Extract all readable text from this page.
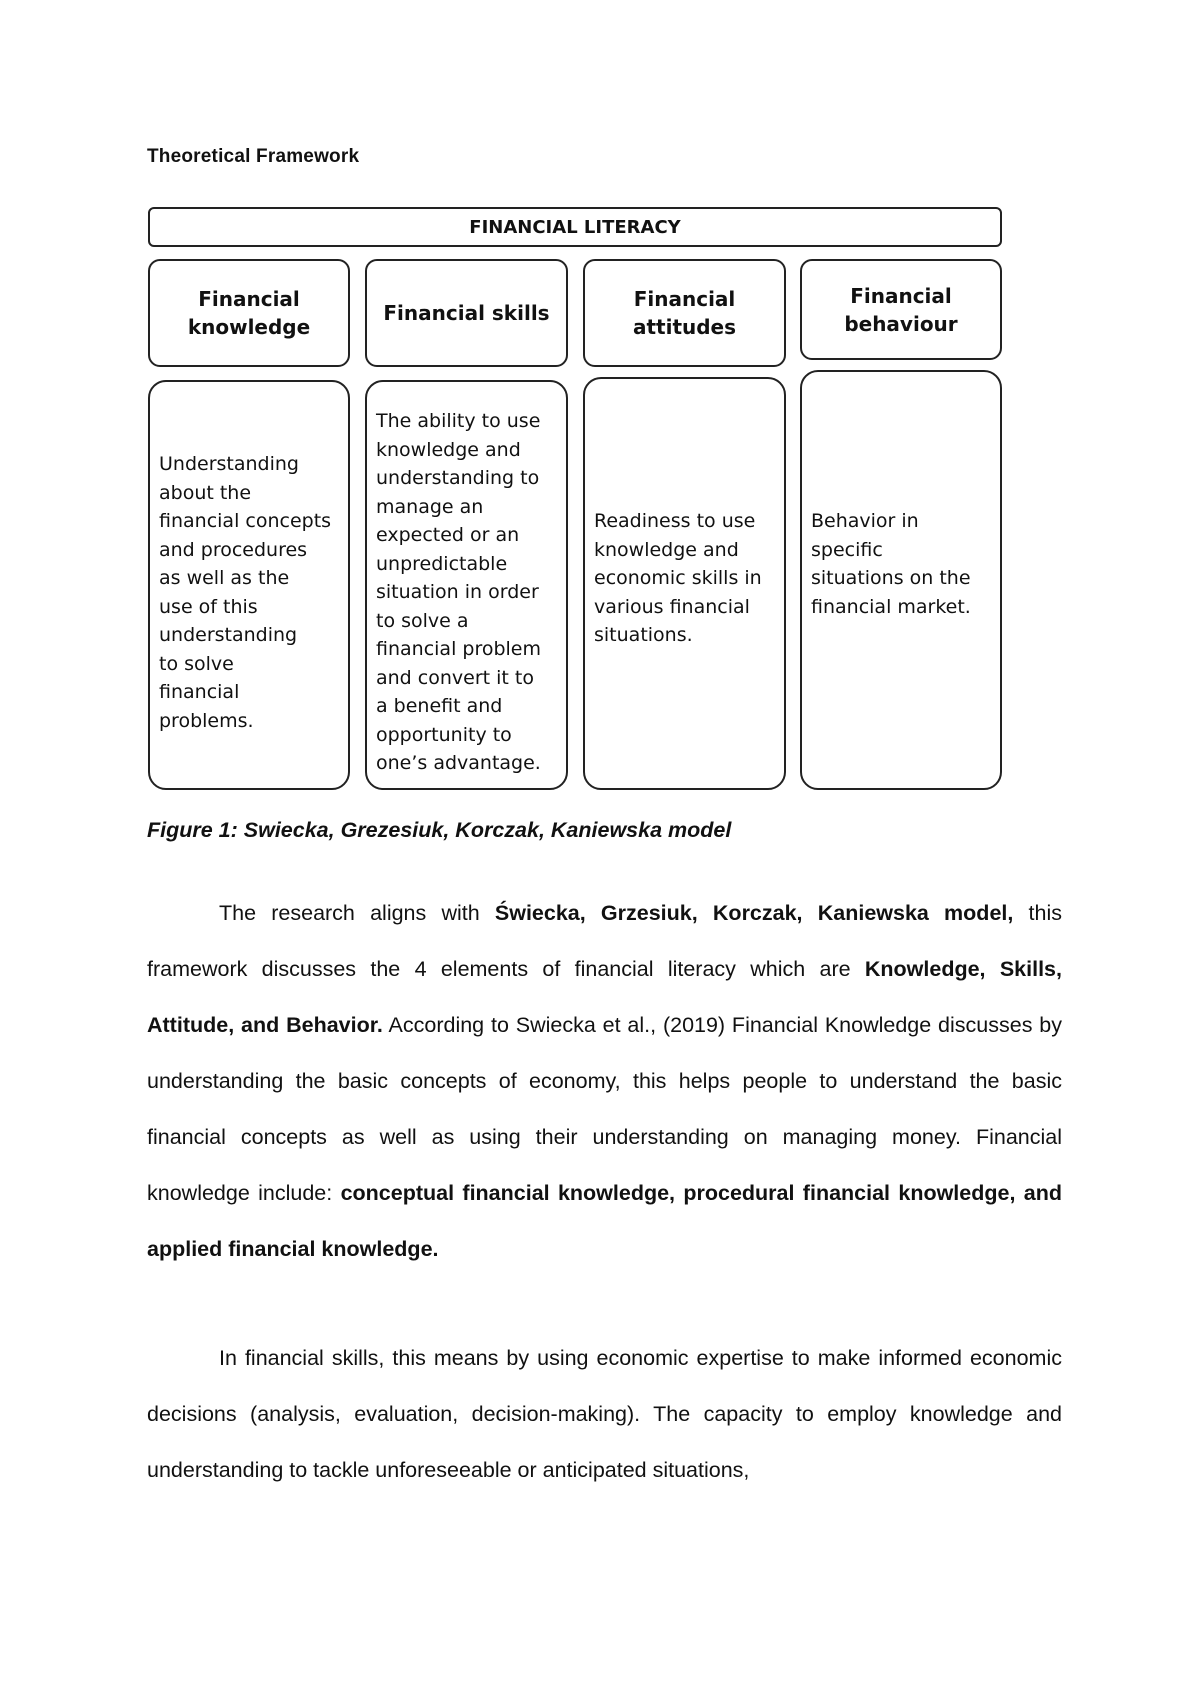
Theoretical Framework
FINANCIAL LITERACY
Financial
knowledge
Financial skills
Financial
attitudes
Financial
behaviour
Understanding
about the
financial concepts
and procedures
as well as the
use of this
understanding
to solve
financial
problems.
The ability to use
knowledge and
understanding to
manage an
expected or an
unpredictable
situation in order
to solve a
financial problem
and convert it to
a benefit and
opportunity to
one’s advantage.
Readiness to use
knowledge and
economic skills in
various financial
situations.
Behavior in
specific
situations on the
financial market.
Figure 1: Swiecka, Grezesiuk, Korczak, Kaniewska model

The research aligns with Świecka, Grzesiuk, Korczak, Kaniewska model, this framework discusses the 4 elements of financial literacy which are Knowledge, Skills, Attitude, and Behavior. According to Swiecka et al., (2019) Financial Knowledge discusses by understanding the basic concepts of economy, this helps people to understand the basic financial concepts as well as using their understanding on managing money. Financial knowledge include: conceptual financial knowledge, procedural financial knowledge, and applied financial knowledge.

In financial skills, this means by using economic expertise to make informed economic decisions (analysis, evaluation, decision-making). The capacity to employ knowledge and understanding to tackle unforeseeable or anticipated situations,
